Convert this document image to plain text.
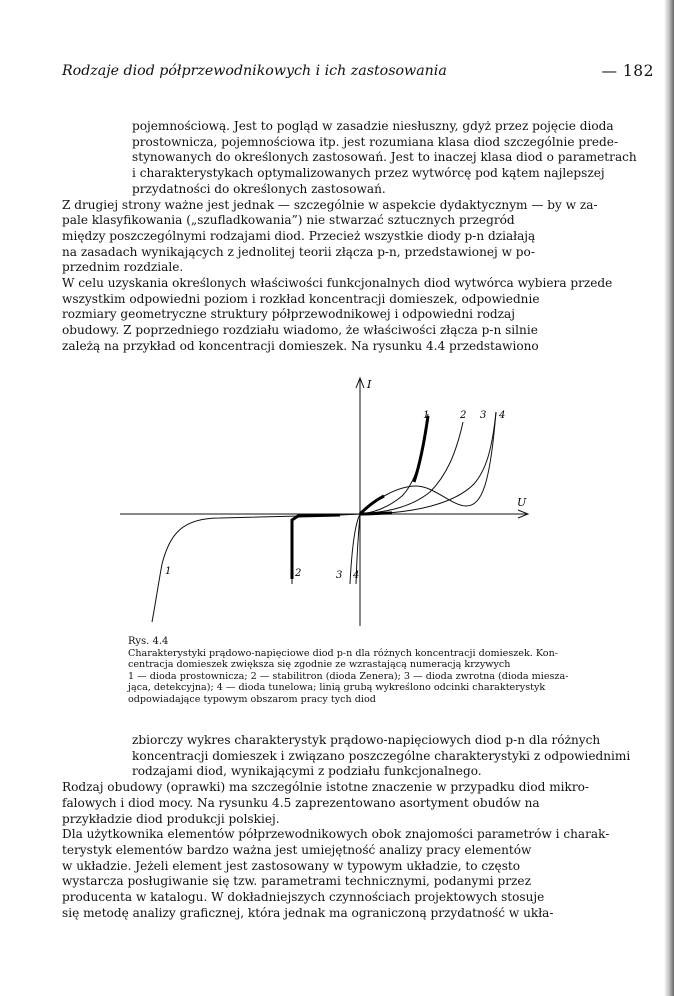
Rodzaje diod półprzewodnikowych i ich zastosowania	— 182

pojemnościową. Jest to pogląd w zasadzie niesłuszny, gdyż przez pojęcie dioda

prostownicza, pojemnościowa itp. jest rozumiana klasa diod szczególnie prede-

stynowanych do określonych zastosowań. Jest to inaczej klasa diod o parametrach

i charakterystykach optymalizowanych przez wytwórcę pod kątem najlepszej

przydatności do określonych zastosowań.

Z drugiej strony ważne jest jednak — szczególnie w aspekcie dydaktycznym — by w za-

pale klasyfikowania („szufladkowania”) nie stwarzać sztucznych przegród

między poszczególnymi rodzajami diod. Przecież wszystkie diody p-n działają

na zasadach wynikających z jednolitej teorii złącza p-n, przedstawionej w po-

przednim rozdziale.

W celu uzyskania określonych właściwości funkcjonalnych diod wytwórca wybiera przede

wszystkim odpowiedni poziom i rozkład koncentracji domieszek, odpowiednie

rozmiary geometryczne struktury półprzewodnikowej i odpowiedni rodzaj

obudowy. Z poprzedniego rozdziału wiadomo, że właściwości złącza p-n silnie

zależą na przykład od koncentracji domieszek. Na rysunku 4.4 przedstawiono

I
U
1	2 3 4
1	2	3 4
Rys. 4.4
Charakterystyki prądowo-napięciowe diod p-n dla różnych koncentracji domieszek. Kon-
centracja domieszek zwiększa się zgodnie ze wzrastającą numeracją krzywych
1 — dioda prostownicza; 2 — stabilitron (dioda Zenera); 3 — dioda zwrotna (dioda miesza-
jąca, detekcyjna); 4 — dioda tunelowa; linią grubą wykreślono odcinki charakterystyk
odpowiadające typowym obszarom pracy tych diod

zbiorczy wykres charakterystyk prądowo-napięciowych diod p-n dla różnych

koncentracji domieszek i związano poszczególne charakterystyki z odpowiednimi

rodzajami diod, wynikającymi z podziału funkcjonalnego.

Rodzaj obudowy (oprawki) ma szczególnie istotne znaczenie w przypadku diod mikro-

falowych i diod mocy. Na rysunku 4.5 zaprezentowano asortyment obudów na

przykładzie diod produkcji polskiej.

Dla użytkownika elementów półprzewodnikowych obok znajomości parametrów i charak-

terystyk elementów bardzo ważna jest umiejętność analizy pracy elementów

w układzie. Jeżeli element jest zastosowany w typowym układzie, to często

wystarcza posługiwanie się tzw. parametrami technicznymi, podanymi przez

producenta w katalogu. W dokładniejszych czynnościach projektowych stosuje

się metodę analizy graficznej, która jednak ma ograniczoną przydatność w ukła-
